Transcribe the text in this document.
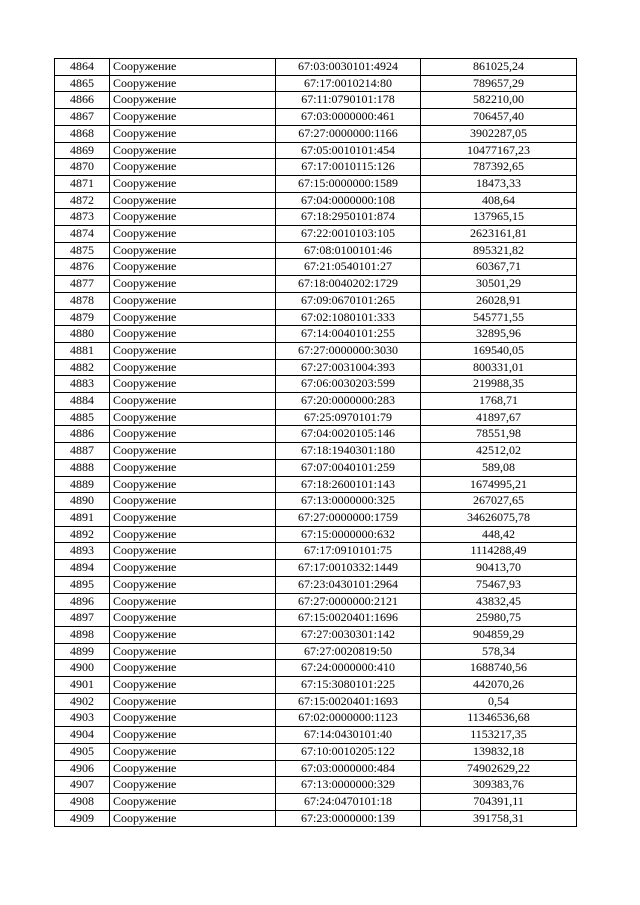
4864	Сооружение	67:03:0030101:4924	861025,24
4865	Сооружение	67:17:0010214:80	789657,29
4866	Сооружение	67:11:0790101:178	582210,00
4867	Сооружение	67:03:0000000:461	706457,40
4868	Сооружение	67:27:0000000:1166	3902287,05
4869	Сооружение	67:05:0010101:454	10477167,23
4870	Сооружение	67:17:0010115:126	787392,65
4871	Сооружение	67:15:0000000:1589	18473,33
4872	Сооружение	67:04:0000000:108	408,64
4873	Сооружение	67:18:2950101:874	137965,15
4874	Сооружение	67:22:0010103:105	2623161,81
4875	Сооружение	67:08:0100101:46	895321,82
4876	Сооружение	67:21:0540101:27	60367,71
4877	Сооружение	67:18:0040202:1729	30501,29
4878	Сооружение	67:09:0670101:265	26028,91
4879	Сооружение	67:02:1080101:333	545771,55
4880	Сооружение	67:14:0040101:255	32895,96
4881	Сооружение	67:27:0000000:3030	169540,05
4882	Сооружение	67:27:0031004:393	800331,01
4883	Сооружение	67:06:0030203:599	219988,35
4884	Сооружение	67:20:0000000:283	1768,71
4885	Сооружение	67:25:0970101:79	41897,67
4886	Сооружение	67:04:0020105:146	78551,98
4887	Сооружение	67:18:1940301:180	42512,02
4888	Сооружение	67:07:0040101:259	589,08
4889	Сооружение	67:18:2600101:143	1674995,21
4890	Сооружение	67:13:0000000:325	267027,65
4891	Сооружение	67:27:0000000:1759	34626075,78
4892	Сооружение	67:15:0000000:632	448,42
4893	Сооружение	67:17:0910101:75	1114288,49
4894	Сооружение	67:17:0010332:1449	90413,70
4895	Сооружение	67:23:0430101:2964	75467,93
4896	Сооружение	67:27:0000000:2121	43832,45
4897	Сооружение	67:15:0020401:1696	25980,75
4898	Сооружение	67:27:0030301:142	904859,29
4899	Сооружение	67:27:0020819:50	578,34
4900	Сооружение	67:24:0000000:410	1688740,56
4901	Сооружение	67:15:3080101:225	442070,26
4902	Сооружение	67:15:0020401:1693	0,54
4903	Сооружение	67:02:0000000:1123	11346536,68
4904	Сооружение	67:14:0430101:40	1153217,35
4905	Сооружение	67:10:0010205:122	139832,18
4906	Сооружение	67:03:0000000:484	74902629,22
4907	Сооружение	67:13:0000000:329	309383,76
4908	Сооружение	67:24:0470101:18	704391,11
4909	Сооружение	67:23:0000000:139	391758,31
